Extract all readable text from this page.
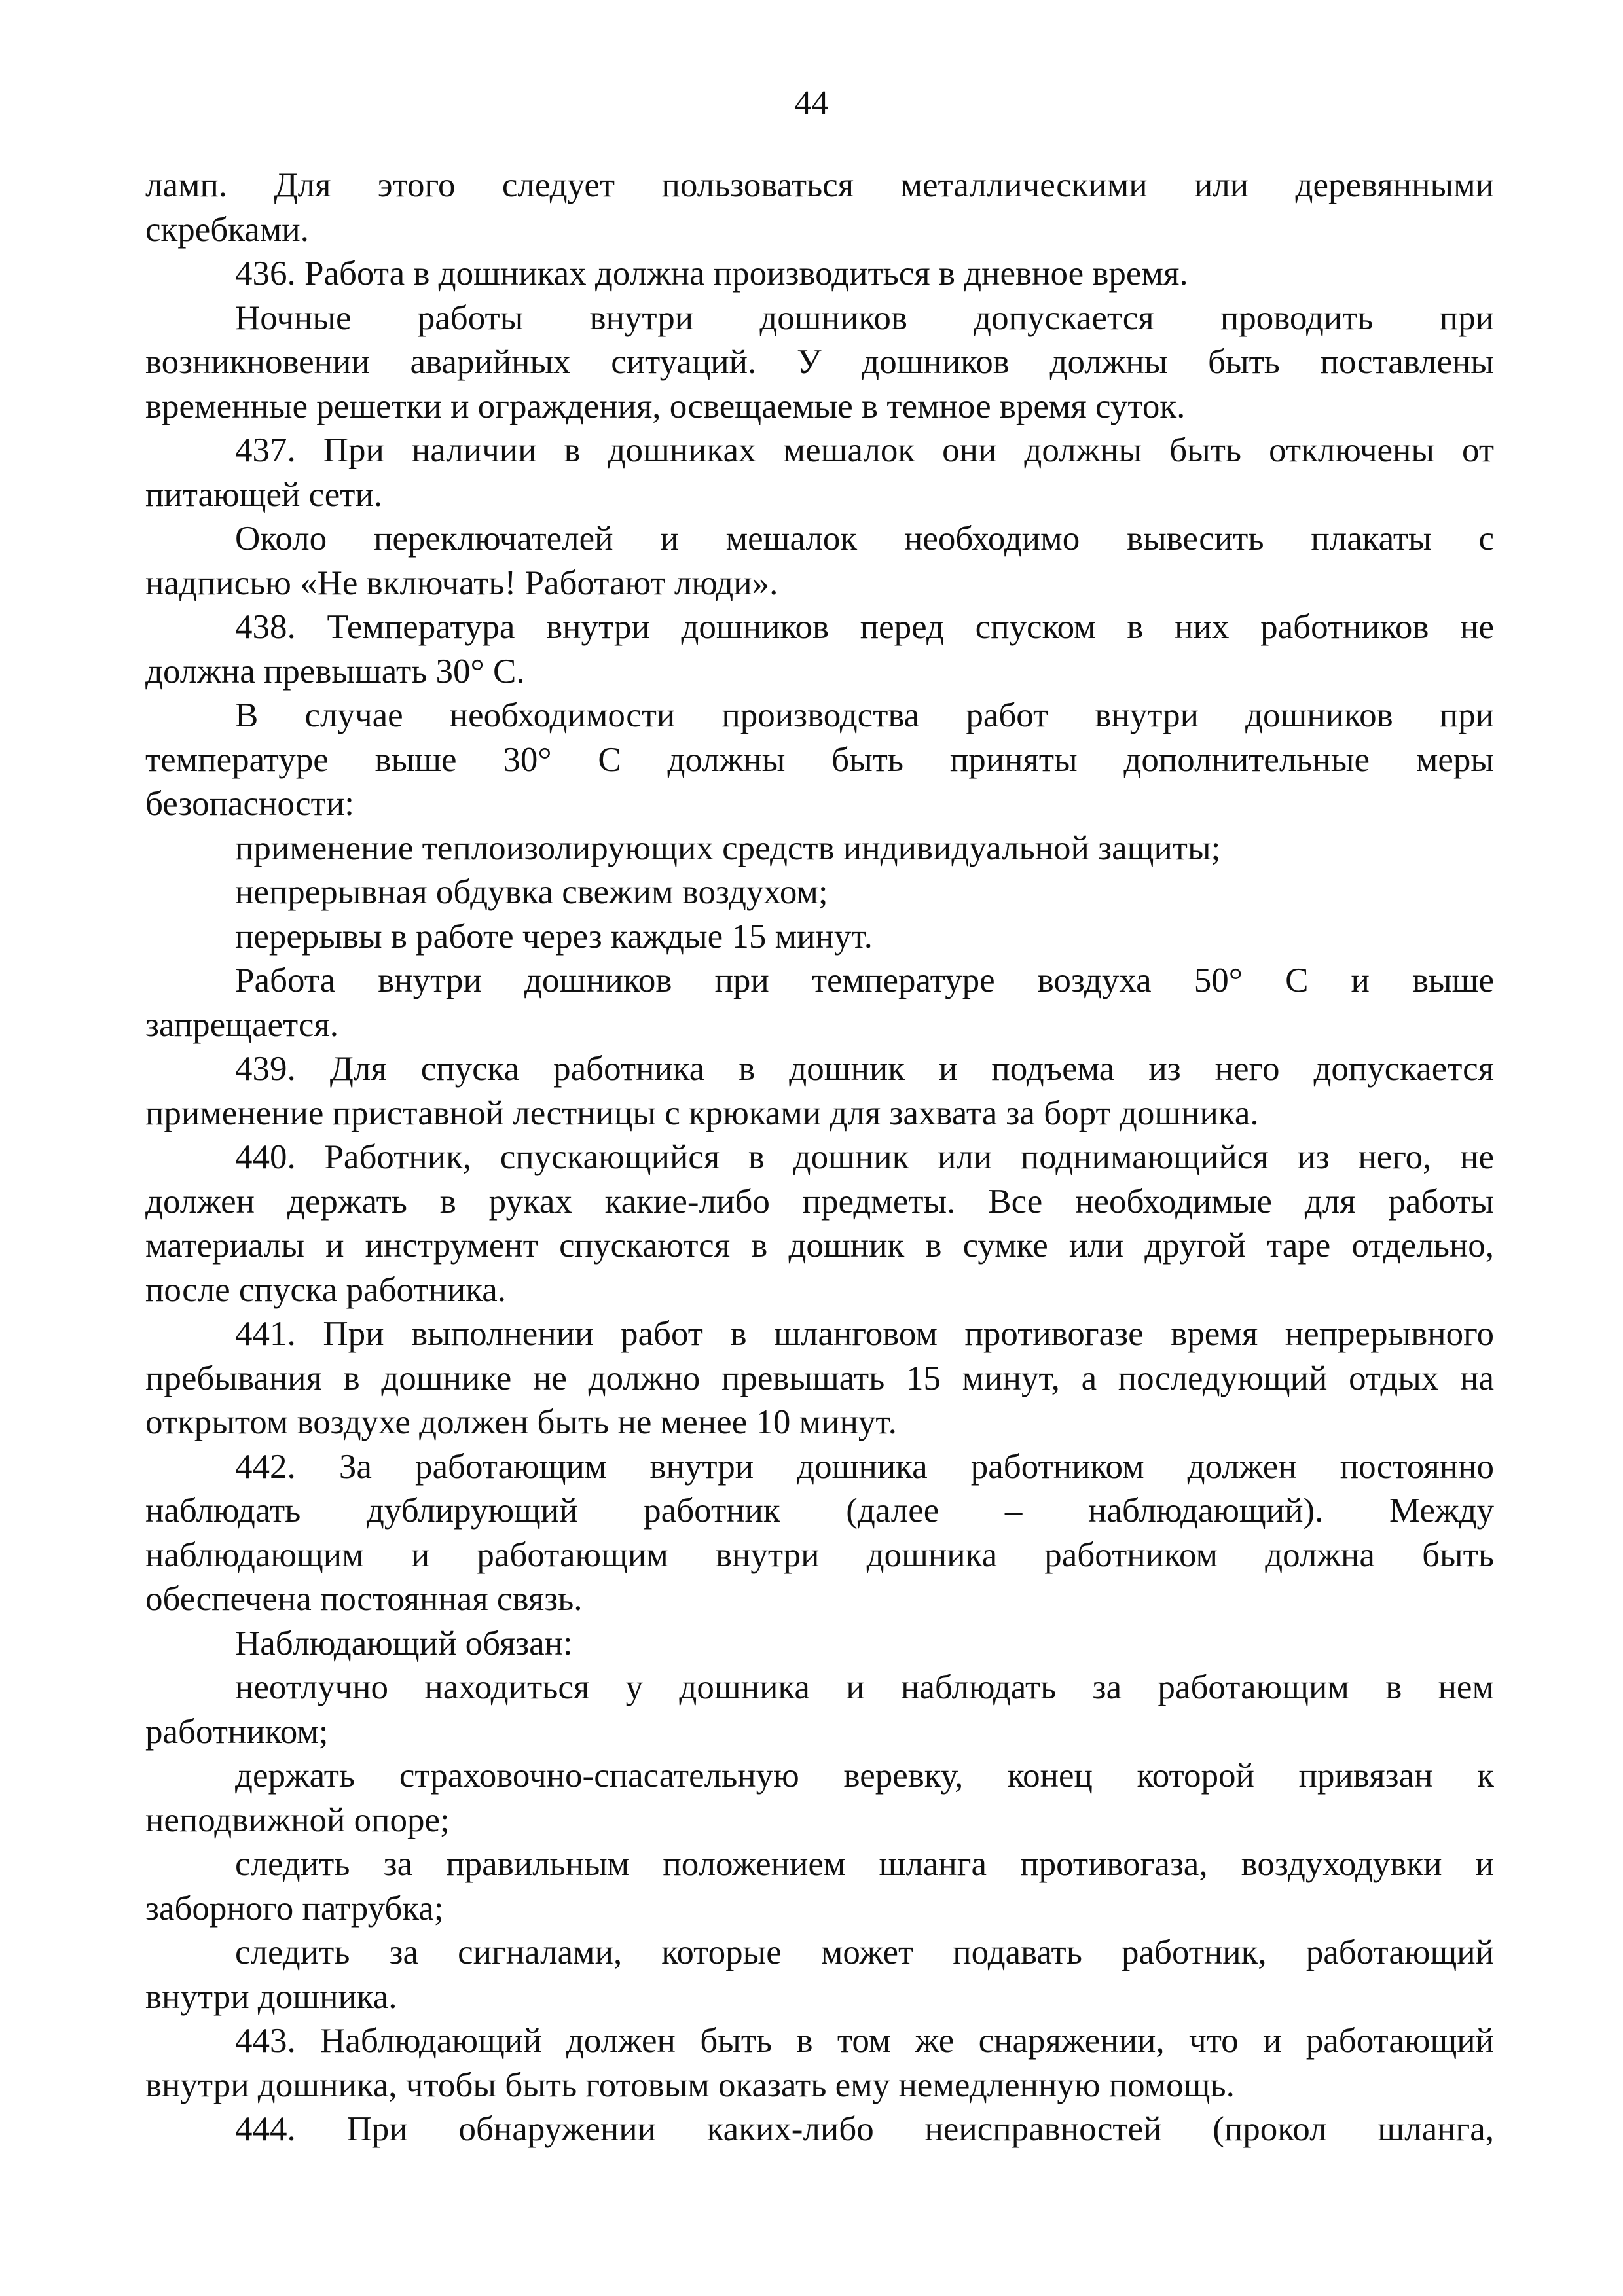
44
ламп. Для этого следует пользоваться металлическими или деревянными
скребками.
436. Работа в дошниках должна производиться в дневное время.
Ночные работы внутри дошников допускается проводить при
возникновении аварийных ситуаций. У дошников должны быть поставлены
временные решетки и ограждения, освещаемые в темное время суток.
437. При наличии в дошниках мешалок они должны быть отключены от
питающей сети.
Около переключателей и мешалок необходимо вывесить плакаты с
надписью «Не включать! Работают люди».
438. Температура внутри дошников перед спуском в них работников не
должна превышать 30° С.
В случае необходимости производства работ внутри дошников при
температуре выше 30° С должны быть приняты дополнительные меры
безопасности:
применение теплоизолирующих средств индивидуальной защиты;
непрерывная обдувка свежим воздухом;
перерывы в работе через каждые 15 минут.
Работа внутри дошников при температуре воздуха 50° С и выше
запрещается.
439. Для спуска работника в дошник и подъема из него допускается
применение приставной лестницы с крюками для захвата за борт дошника.
440. Работник, спускающийся в дошник или поднимающийся из него, не
должен держать в руках какие-либо предметы. Все необходимые для работы
материалы и инструмент спускаются в дошник в сумке или другой таре отдельно,
после спуска работника.
441. При выполнении работ в шланговом противогазе время непрерывного
пребывания в дошнике не должно превышать 15 минут, а последующий отдых на
открытом воздухе должен быть не менее 10 минут.
442. За работающим внутри дошника работником должен постоянно
наблюдать дублирующий работник (далее – наблюдающий). Между
наблюдающим и работающим внутри дошника работником должна быть
обеспечена постоянная связь.
Наблюдающий обязан:
неотлучно находиться у дошника и наблюдать за работающим в нем
работником;
держать страховочно-спасательную веревку, конец которой привязан к
неподвижной опоре;
следить за правильным положением шланга противогаза, воздуходувки и
заборного патрубка;
следить за сигналами, которые может подавать работник, работающий
внутри дошника.
443. Наблюдающий должен быть в том же снаряжении, что и работающий
внутри дошника, чтобы быть готовым оказать ему немедленную помощь.
444. При обнаружении каких-либо неисправностей (прокол шланга,
